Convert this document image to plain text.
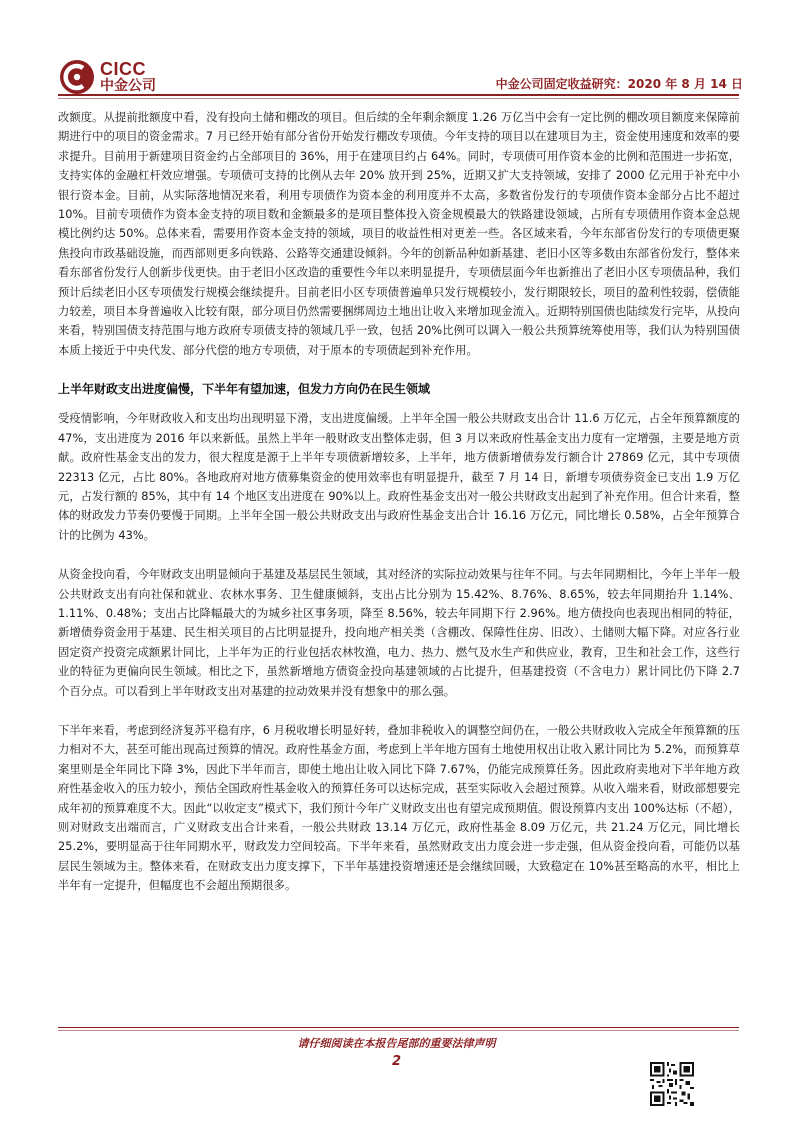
CICC
中金公司	中金公司固定收益研究：2020 年 8 月 14 日

改额度。从提前批额度中看，没有投向土储和棚改的项目。但后续的全年剩余额度 1.26 万亿当中会有一定比例的棚改项目额度来保障前期进行中的项目的资金需求。7 月已经开始有部分省份开始发行棚改专项债。今年支持的项目以在建项目为主，资金使用速度和效率的要求提升。目前用于新建项目资金约占全部项目的 36%，用于在建项目约占 64%。同时，专项债可用作资本金的比例和范围进一步拓宽，支持实体的金融杠杆效应增强。专项债可支持的比例从去年 20% 放开到 25%，近期又扩大支持领域，安排了 2000 亿元用于补充中小银行资本金。目前，从实际落地情况来看，利用专项债作为资本金的利用度并不太高，多数省份发行的专项债作资本金部分占比不超过 10%。目前专项债作为资本金支持的项目数和金额最多的是项目整体投入资金规模最大的铁路建设领域，占所有专项债用作资本金总规模比例约达 50%。总体来看，需要用作资本金支持的领域，项目的收益性相对更差一些。各区域来看，今年东部省份发行的专项债更聚焦投向市政基础设施，而西部则更多向铁路、公路等交通建设倾斜。今年的创新品种如新基建、老旧小区等多数由东部省份发行，整体来看东部省份发行人创新步伐更快。由于老旧小区改造的重要性今年以来明显提升，专项债层面今年也新推出了老旧小区专项债品种，我们预计后续老旧小区专项债发行规模会继续提升。目前老旧小区专项债普遍单只发行规模较小，发行期限较长，项目的盈利性较弱，偿债能力较差，项目本身普遍收入比较有限，部分项目仍然需要捆绑周边土地出让收入来增加现金流入。近期特别国债也陆续发行完毕，从投向来看，特别国债支持范围与地方政府专项债支持的领域几乎一致，包括 20%比例可以调入一般公共预算统筹使用等，我们认为特别国债本质上接近于中央代发、部分代偿的地方专项债，对于原本的专项债起到补充作用。

上半年财政支出进度偏慢，下半年有望加速，但发力方向仍在民生领域

受疫情影响，今年财政收入和支出均出现明显下滑，支出进度偏缓。上半年全国一般公共财政支出合计 11.6 万亿元，占全年预算额度的 47%，支出进度为 2016 年以来新低。虽然上半年一般财政支出整体走弱，但 3 月以来政府性基金支出力度有一定增强，主要是地方贡献。政府性基金支出的发力，很大程度是源于上半年专项债新增较多，上半年，地方债新增债券发行额合计 27869 亿元，其中专项债 22313 亿元，占比 80%。各地政府对地方债募集资金的使用效率也有明显提升，截至 7 月 14 日，新增专项债券资金已支出 1.9 万亿元，占发行额的 85%，其中有 14 个地区支出进度在 90%以上。政府性基金支出对一般公共财政支出起到了补充作用。但合计来看，整体的财政发力节奏仍要慢于同期。上半年全国一般公共财政支出与政府性基金支出合计 16.16 万亿元，同比增长 0.58%，占全年预算合计的比例为 43%。

从资金投向看，今年财政支出明显倾向于基建及基层民生领域，其对经济的实际拉动效果与往年不同。与去年同期相比，今年上半年一般公共财政支出有向社保和就业、农林水事务、卫生健康倾斜，支出占比分别为 15.42%、8.76%、8.65%，较去年同期抬升 1.14%、1.11%、0.48%；支出占比降幅最大的为城乡社区事务项，降至 8.56%，较去年同期下行 2.96%。地方债投向也表现出相同的特征，新增债券资金用于基建、民生相关项目的占比明显提升，投向地产相关类（含棚改、保障性住房、旧改）、土储则大幅下降。对应各行业固定资产投资完成额累计同比，上半年为正的行业包括农林牧渔，电力、热力、燃气及水生产和供应业，教育，卫生和社会工作，这些行业的特征为更偏向民生领域。相比之下，虽然新增地方债资金投向基建领域的占比提升，但基建投资（不含电力）累计同比仍下降 2.7 个百分点。可以看到上半年财政支出对基建的拉动效果并没有想象中的那么强。

下半年来看，考虑到经济复苏平稳有序，6 月税收增长明显好转，叠加非税收入的调整空间仍在，一般公共财政收入完成全年预算额的压力相对不大，甚至可能出现高过预算的情况。政府性基金方面，考虑到上半年地方国有土地使用权出让收入累计同比为 5.2%，而预算草案里则是全年同比下降 3%，因此下半年而言，即使土地出让收入同比下降 7.67%，仍能完成预算任务。因此政府卖地对下半年地方政府性基金收入的压力较小，预估全国政府性基金收入的预算任务可以达标完成，甚至实际收入会超过预算。从收入端来看，财政部想要完成年初的预算难度不大。因此“以收定支”模式下，我们预计今年广义财政支出也有望完成预期值。假设预算内支出 100%达标（不超），则对财政支出端而言，广义财政支出合计来看，一般公共财政 13.14 万亿元，政府性基金 8.09 万亿元，共 21.24 万亿元，同比增长 25.2%，要明显高于往年同期水平，财政发力空间较高。下半年来看，虽然财政支出力度会进一步走强，但从资金投向看，可能仍以基层民生领域为主。整体来看，在财政支出力度支撑下，下半年基建投资增速还是会继续回暖，大致稳定在 10%甚至略高的水平，相比上半年有一定提升，但幅度也不会超出预期很多。

请仔细阅读在本报告尾部的重要法律声明
2
